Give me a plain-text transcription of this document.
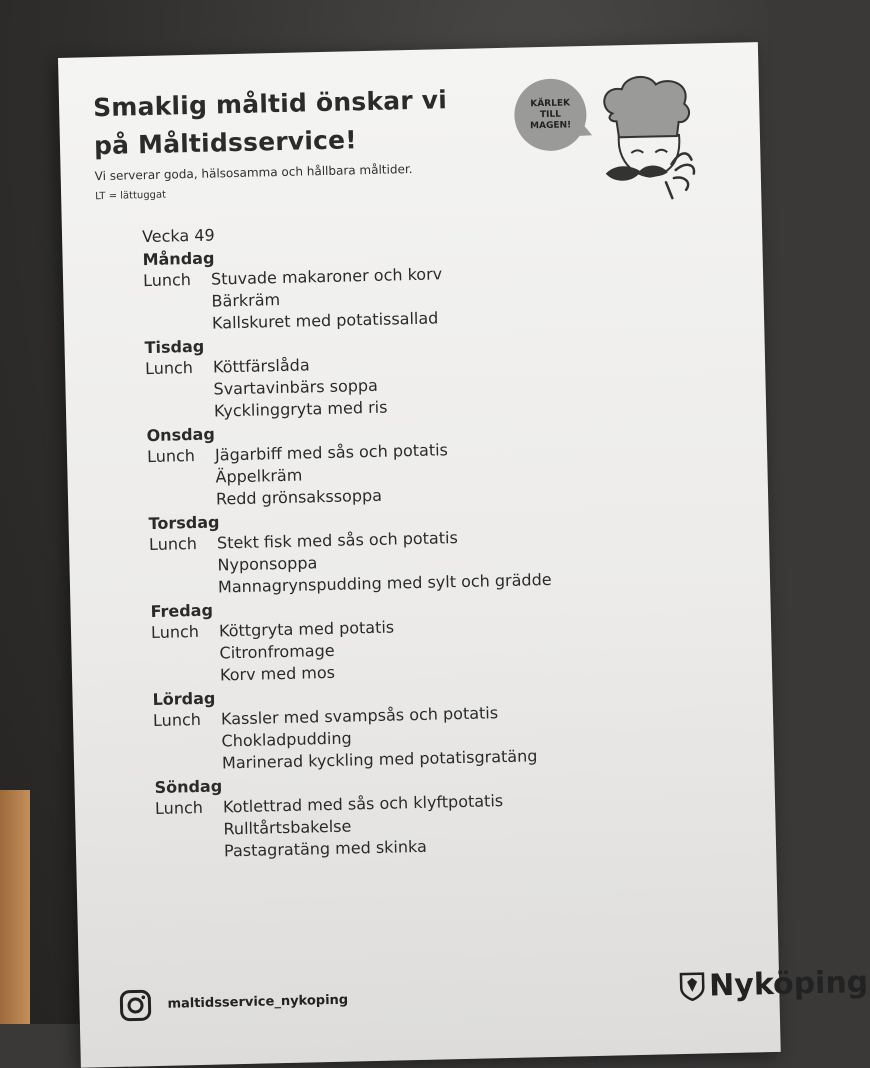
Smaklig måltid önskar vi
på Måltidsservice!
Vi serverar goda, hälsosamma och hållbara måltider.
LT = lättuggat
KÄRLEK
TILL
MAGEN!
Vecka 49
Måndag
Lunch	Stuvade makaroner och korv
Bärkräm
Kallskuret med potatissallad
Tisdag
Lunch	Köttfärslåda
Svartavinbärs soppa
Kycklinggryta med ris
Onsdag
Lunch	Jägarbiff med sås och potatis
Äppelkräm
Redd grönsakssoppa
Torsdag
Lunch	Stekt fisk med sås och potatis
Nyponsoppa
Mannagrynspudding med sylt och grädde
Fredag
Lunch	Köttgryta med potatis
Citronfromage
Korv med mos
Lördag
Lunch	Kassler med svampsås och potatis
Chokladpudding
Marinerad kyckling med potatisgratäng
Söndag
Lunch	Kotlettrad med sås och klyftpotatis
Rulltårtsbakelse
Pastagratäng med skinka
maltidsservice_nykoping	Nyköping
